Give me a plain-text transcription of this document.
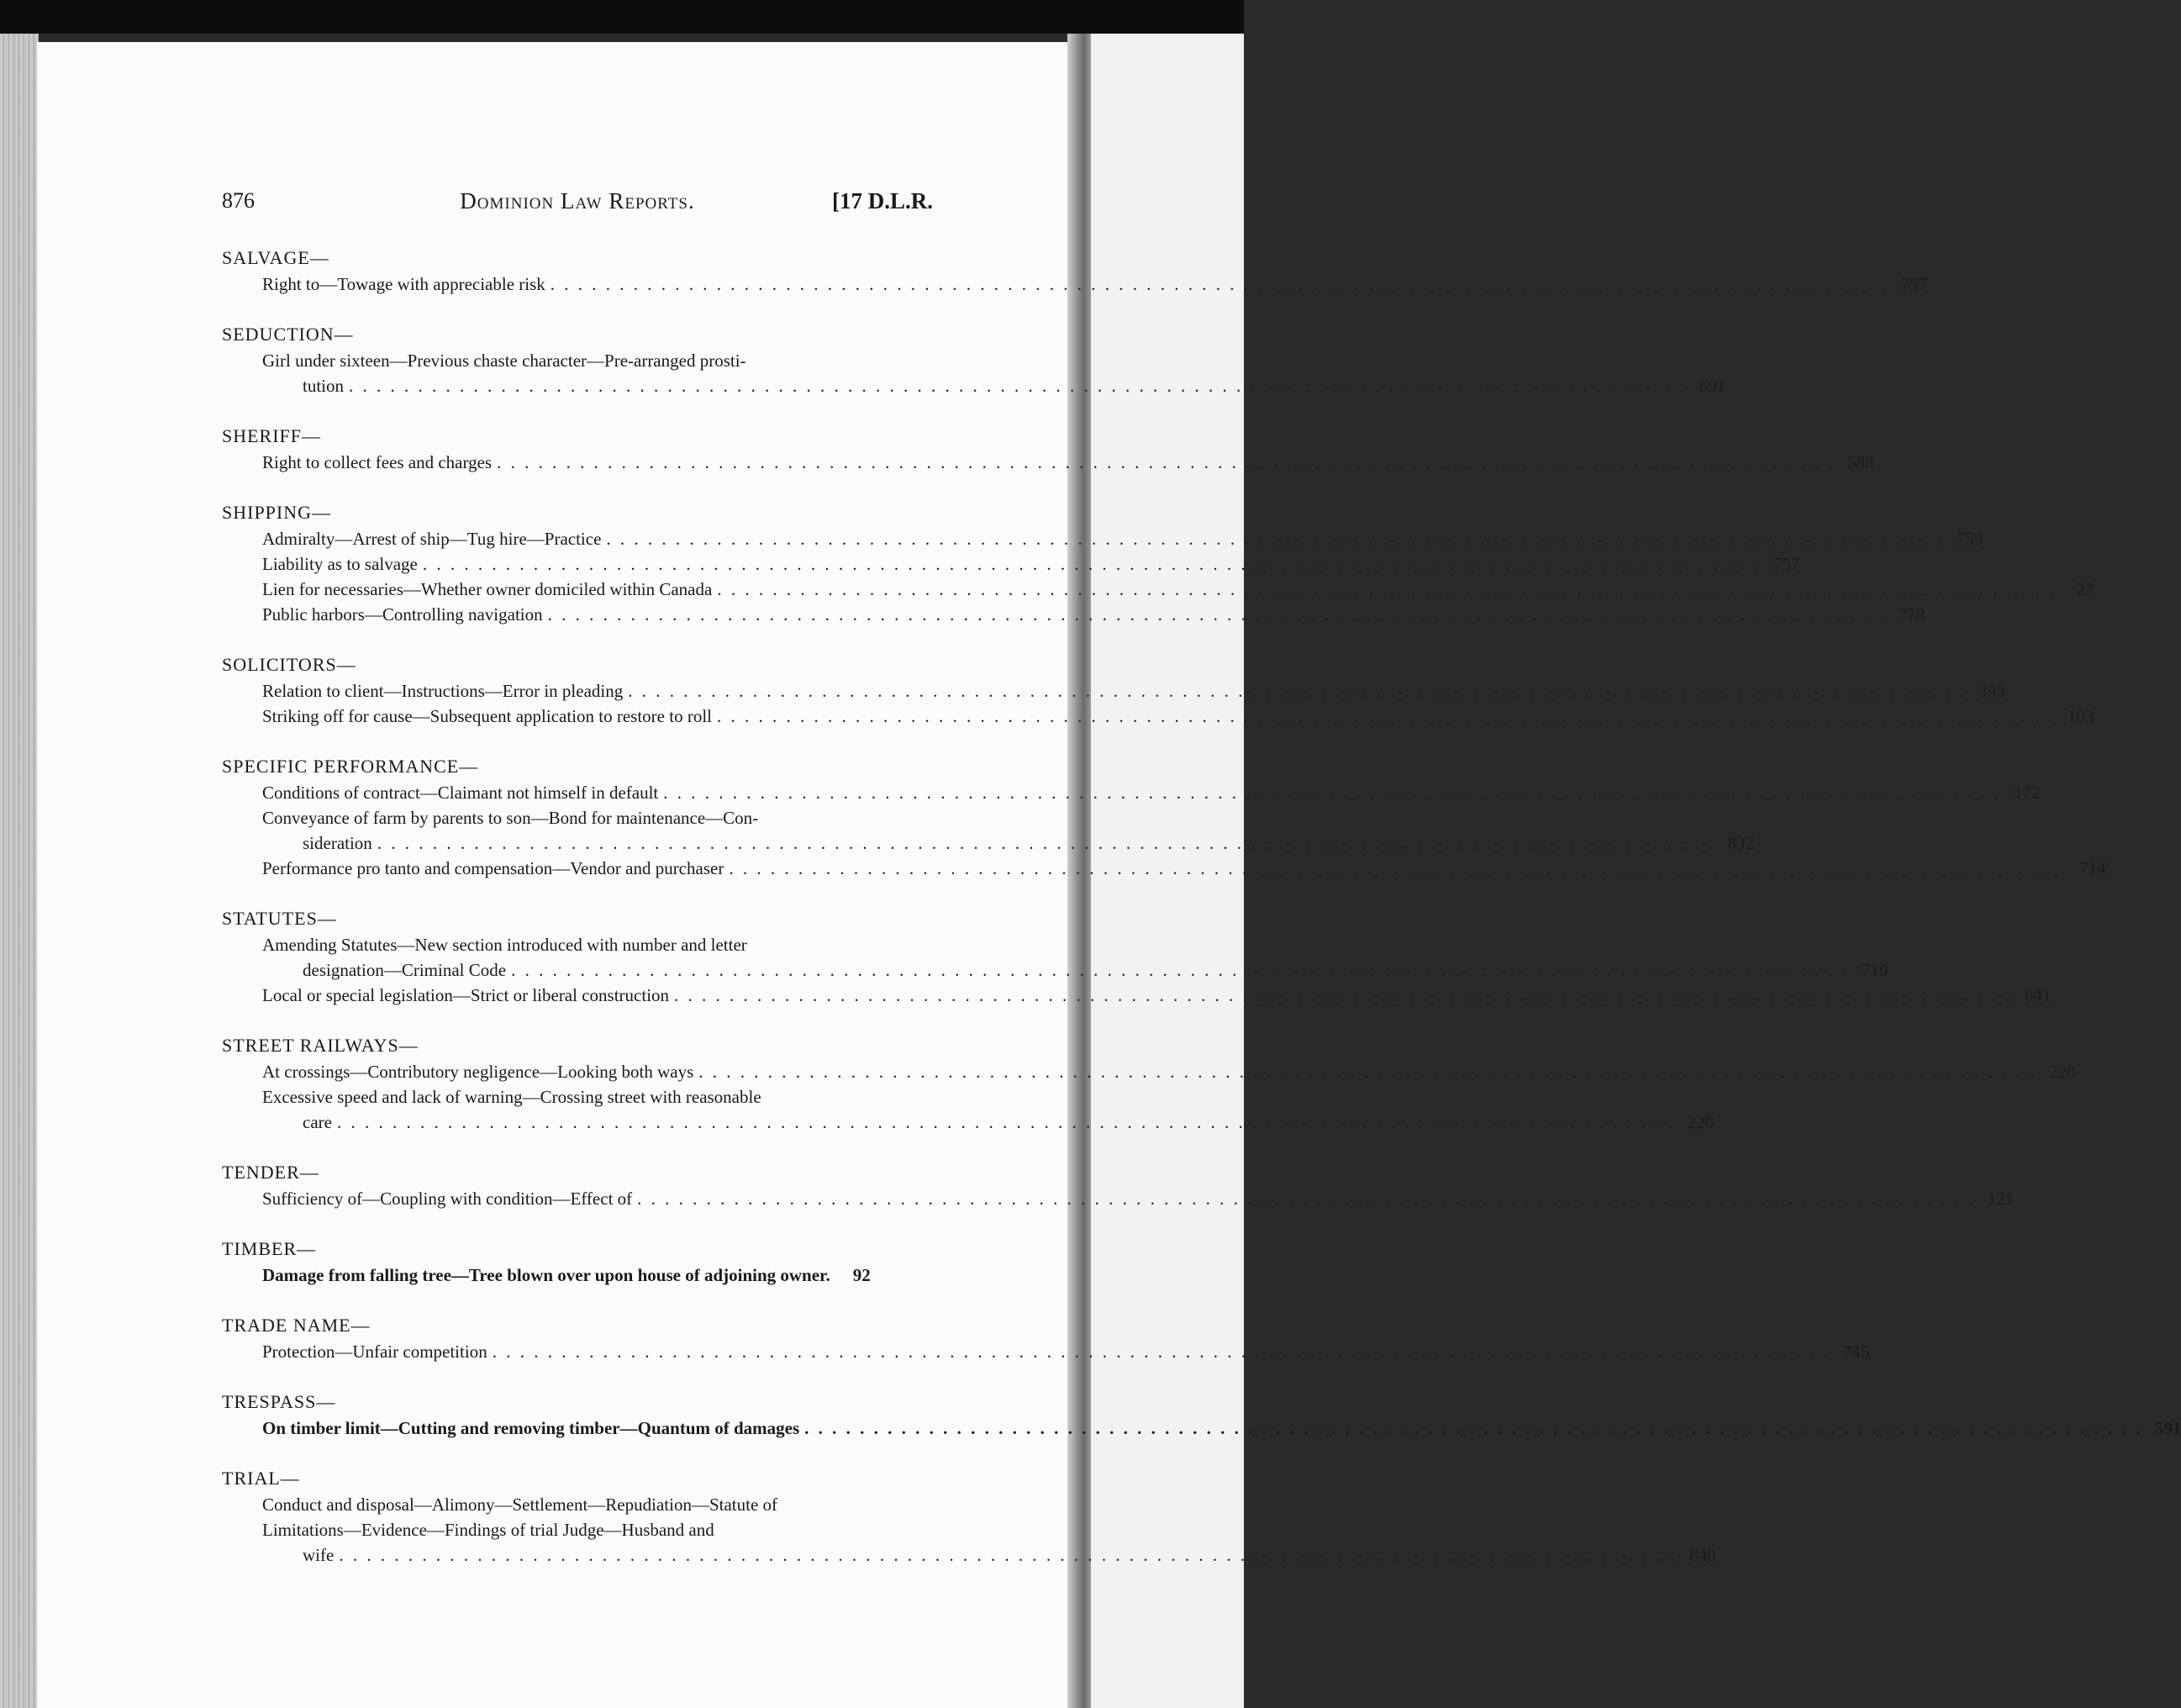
876	Dominion Law Reports.	[17 D.L.R.
SALVAGE—
Right to—Towage with appreciable risk . . .	757
SEDUCTION—
Girl under sixteen—Previous chaste character—Pre-arranged prosti-
tution . . .	691
SHERIFF—
Right to collect fees and charges . . .	588
SHIPPING—
Admiralty—Arrest of ship—Tug hire—Practice . . .	759
Liability as to salvage . . .	757
Lien for necessaries—Whether owner domiciled within Canada . . .	27
Public harbors—Controlling navigation . . .	778
SOLICITORS—
Relation to client—Instructions—Error in pleading . . .	395
Striking off for cause—Subsequent application to restore to roll . . .	103
SPECIFIC PERFORMANCE—
Conditions of contract—Claimant not himself in default . . .	172
Conveyance of farm by parents to son—Bond for maintenance—Con-
sideration . . .	832
Performance pro tanto and compensation—Vendor and purchaser . . .	714
STATUTES—
Amending Statutes—New section introduced with number and letter
designation—Criminal Code . . .	719
Local or special legislation—Strict or liberal construction . . .	641
STREET RAILWAYS—
At crossings—Contributory negligence—Looking both ways . . .	220
Excessive speed and lack of warning—Crossing street with reasonable
care . . .	220
TENDER—
Sufficiency of—Coupling with condition—Effect of . . .	121
TIMBER—
Damage from falling tree—Tree blown over upon house of adjoining owner.	92
TRADE NAME—
Protection—Unfair competition . . .	745
TRESPASS—
On timber limit—Cutting and removing timber—Quantum of damages . . .	591
TRIAL—
Conduct and disposal—Alimony—Settlement—Repudiation—Statute of
Limitations—Evidence—Findings of trial Judge—Husband and
wife . . .	840
